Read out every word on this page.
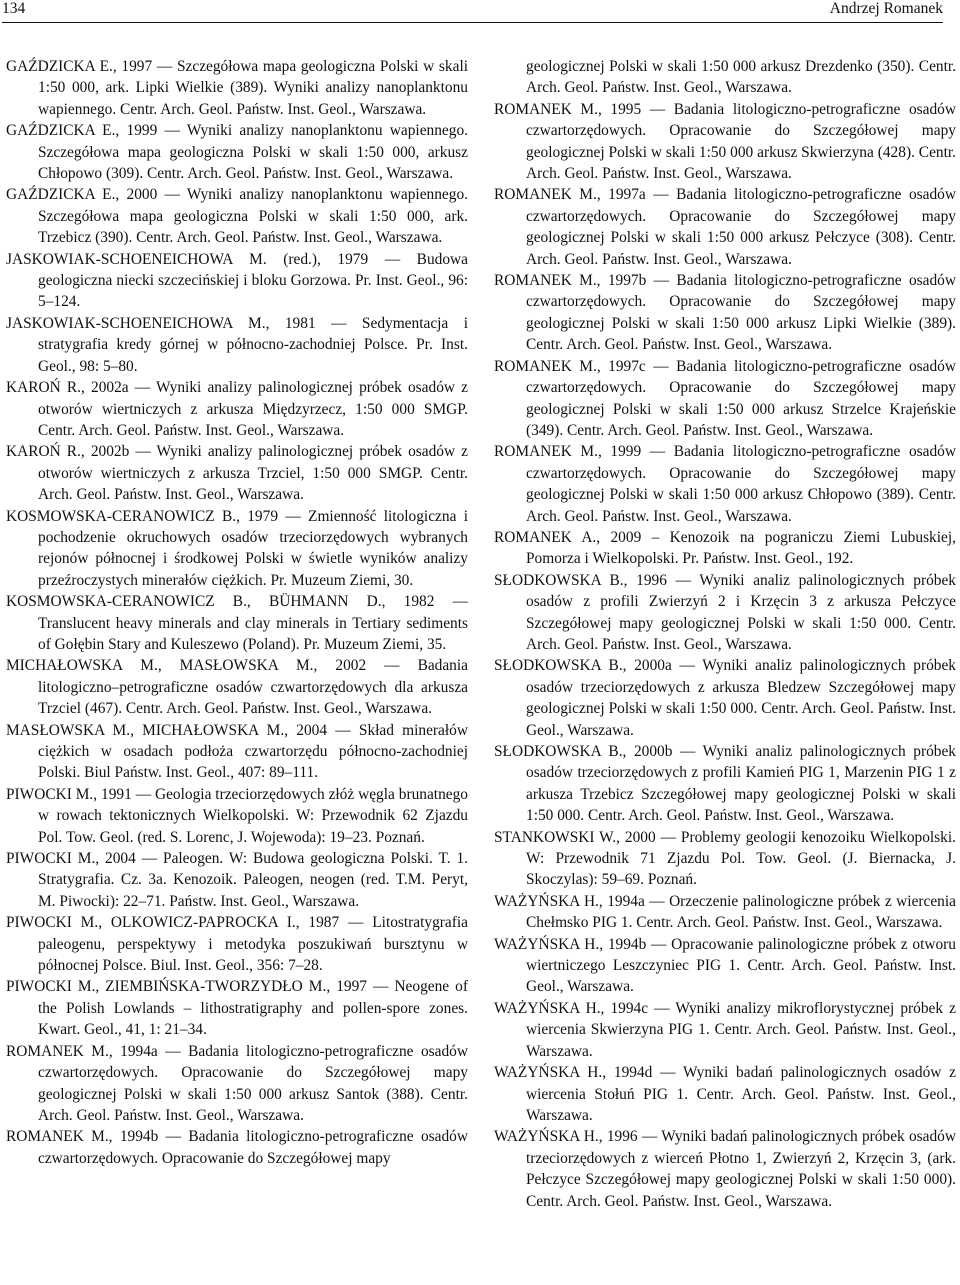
134	Andrzej Romanek

GAŹDZICKA E., 1997 — Szczegółowa mapa geologiczna Polski w skali 1:50 000, ark. Lipki Wielkie (389). Wyniki analizy nanoplanktonu wapiennego. Centr. Arch. Geol. Państw. Inst. Geol., Warszawa.

GAŹDZICKA E., 1999 — Wyniki analizy nanoplanktonu wapiennego. Szczegółowa mapa geologiczna Polski w skali 1:50 000, arkusz Chłopowo (309). Centr. Arch. Geol. Państw. Inst. Geol., Warszawa.

GAŹDZICKA E., 2000 — Wyniki analizy nanoplanktonu wapiennego. Szczegółowa mapa geologiczna Polski w skali 1:50 000, ark. Trzebicz (390). Centr. Arch. Geol. Państw. Inst. Geol., Warszawa.

JASKOWIAK-SCHOENEICHOWA M. (red.), 1979 — Budowa geologiczna niecki szczecińskiej i bloku Gorzowa. Pr. Inst. Geol., 96: 5–124.

JASKOWIAK-SCHOENEICHOWA M., 1981 — Sedymentacja i stratygrafia kredy górnej w północno-zachodniej Polsce. Pr. Inst. Geol., 98: 5–80.

KAROŃ R., 2002a — Wyniki analizy palinologicznej próbek osadów z otworów wiertniczych z arkusza Międzyrzecz, 1:50 000 SMGP. Centr. Arch. Geol. Państw. Inst. Geol., Warszawa.

KAROŃ R., 2002b — Wyniki analizy palinologicznej próbek osadów z otworów wiertniczych z arkusza Trzciel, 1:50 000 SMGP. Centr. Arch. Geol. Państw. Inst. Geol., Warszawa.

KOSMOWSKA-CERANOWICZ B., 1979 — Zmienność litologiczna i pochodzenie okruchowych osadów trzeciorzędowych wybranych rejonów północnej i środkowej Polski w świetle wyników analizy przeźroczystych minerałów ciężkich. Pr. Muzeum Ziemi, 30.

KOSMOWSKA-CERANOWICZ B., BÜHMANN D., 1982 — Translucent heavy minerals and clay minerals in Tertiary sediments of Gołębin Stary and Kuleszewo (Poland). Pr. Muzeum Ziemi, 35.

MICHAŁOWSKA M., MASŁOWSKA M., 2002 — Badania litologiczno–petrograficzne osadów czwartorzędowych dla arkusza Trzciel (467). Centr. Arch. Geol. Państw. Inst. Geol., Warszawa.

MASŁOWSKA M., MICHAŁOWSKA M., 2004 — Skład minerałów ciężkich w osadach podłoża czwartorzędu północno-zachodniej Polski. Biul Państw. Inst. Geol., 407: 89–111.

PIWOCKI M., 1991 — Geologia trzeciorzędowych złóż węgla brunatnego w rowach tektonicznych Wielkopolski. W: Przewodnik 62 Zjazdu Pol. Tow. Geol. (red. S. Lorenc, J. Wojewoda): 19–23. Poznań.

PIWOCKI M., 2004 — Paleogen. W: Budowa geologiczna Polski. T. 1. Stratygrafia. Cz. 3a. Kenozoik. Paleogen, neogen (red. T.M. Peryt, M. Piwocki): 22–71. Państw. Inst. Geol., Warszawa.

PIWOCKI M., OLKOWICZ-PAPROCKA I., 1987 — Litostratygrafia paleogenu, perspektywy i metodyka poszukiwań bursztynu w północnej Polsce. Biul. Inst. Geol., 356: 7–28.

PIWOCKI M., ZIEMBIŃSKA-TWORZYDŁO M., 1997 — Neogene of the Polish Lowlands – lithostratigraphy and pollen-spore zones. Kwart. Geol., 41, 1: 21–34.

ROMANEK M., 1994a — Badania litologiczno-petrograficzne osadów czwartorzędowych. Opracowanie do Szczegółowej mapy geologicznej Polski w skali 1:50 000 arkusz Santok (388). Centr. Arch. Geol. Państw. Inst. Geol., Warszawa.

ROMANEK M., 1994b — Badania litologiczno-petrograficzne osadów czwartorzędowych. Opracowanie do Szczegółowej mapy

geologicznej Polski w skali 1:50 000 arkusz Drezdenko (350). Centr. Arch. Geol. Państw. Inst. Geol., Warszawa.

ROMANEK M., 1995 — Badania litologiczno-petrograficzne osadów czwartorzędowych. Opracowanie do Szczegółowej mapy geologicznej Polski w skali 1:50 000 arkusz Skwierzyna (428). Centr. Arch. Geol. Państw. Inst. Geol., Warszawa.

ROMANEK M., 1997a — Badania litologiczno-petrograficzne osadów czwartorzędowych. Opracowanie do Szczegółowej mapy geologicznej Polski w skali 1:50 000 arkusz Pełczyce (308). Centr. Arch. Geol. Państw. Inst. Geol., Warszawa.

ROMANEK M., 1997b — Badania litologiczno-petrograficzne osadów czwartorzędowych. Opracowanie do Szczegółowej mapy geologicznej Polski w skali 1:50 000 arkusz Lipki Wielkie (389). Centr. Arch. Geol. Państw. Inst. Geol., Warszawa.

ROMANEK M., 1997c — Badania litologiczno-petrograficzne osadów czwartorzędowych. Opracowanie do Szczegółowej mapy geologicznej Polski w skali 1:50 000 arkusz Strzelce Krajeńskie (349). Centr. Arch. Geol. Państw. Inst. Geol., Warszawa.

ROMANEK M., 1999 — Badania litologiczno-petrograficzne osadów czwartorzędowych. Opracowanie do Szczegółowej mapy geologicznej Polski w skali 1:50 000 arkusz Chłopowo (389). Centr. Arch. Geol. Państw. Inst. Geol., Warszawa.

ROMANEK A., 2009 – Kenozoik na pograniczu Ziemi Lubuskiej, Pomorza i Wielkopolski. Pr. Państw. Inst. Geol., 192.

SŁODKOWSKA B., 1996 — Wyniki analiz palinologicznych próbek osadów z profili Zwierzyń 2 i Krzęcin 3 z arkusza Pełczyce Szczegółowej mapy geologicznej Polski w skali 1:50 000. Centr. Arch. Geol. Państw. Inst. Geol., Warszawa.

SŁODKOWSKA B., 2000a — Wyniki analiz palinologicznych próbek osadów trzeciorzędowych z arkusza Bledzew Szczegółowej mapy geologicznej Polski w skali 1:50 000. Centr. Arch. Geol. Państw. Inst. Geol., Warszawa.

SŁODKOWSKA B., 2000b — Wyniki analiz palinologicznych próbek osadów trzeciorzędowych z profili Kamień PIG 1, Marzenin PIG 1 z arkusza Trzebicz Szczegółowej mapy geologicznej Polski w skali 1:50 000. Centr. Arch. Geol. Państw. Inst. Geol., Warszawa.

STANKOWSKI W., 2000 — Problemy geologii kenozoiku Wielkopolski. W: Przewodnik 71 Zjazdu Pol. Tow. Geol. (J. Biernacka, J. Skoczylas): 59–69. Poznań.

WAŻYŃSKA H., 1994a — Orzeczenie palinologiczne próbek z wiercenia Chełmsko PIG 1. Centr. Arch. Geol. Państw. Inst. Geol., Warszawa.

WAŻYŃSKA H., 1994b — Opracowanie palinologiczne próbek z otworu wiertniczego Leszczyniec PIG 1. Centr. Arch. Geol. Państw. Inst. Geol., Warszawa.

WAŻYŃSKA H., 1994c — Wyniki analizy mikroflorystycznej próbek z wiercenia Skwierzyna PIG 1. Centr. Arch. Geol. Państw. Inst. Geol., Warszawa.

WAŻYŃSKA H., 1994d — Wyniki badań palinologicznych osadów z wiercenia Stołuń PIG 1. Centr. Arch. Geol. Państw. Inst. Geol., Warszawa.

WAŻYŃSKA H., 1996 — Wyniki badań palinologicznych próbek osadów trzeciorzędowych z wierceń Płotno 1, Zwierzyń 2, Krzęcin 3, (ark. Pełczyce Szczegółowej mapy geologicznej Polski w skali 1:50 000). Centr. Arch. Geol. Państw. Inst. Geol., Warszawa.
